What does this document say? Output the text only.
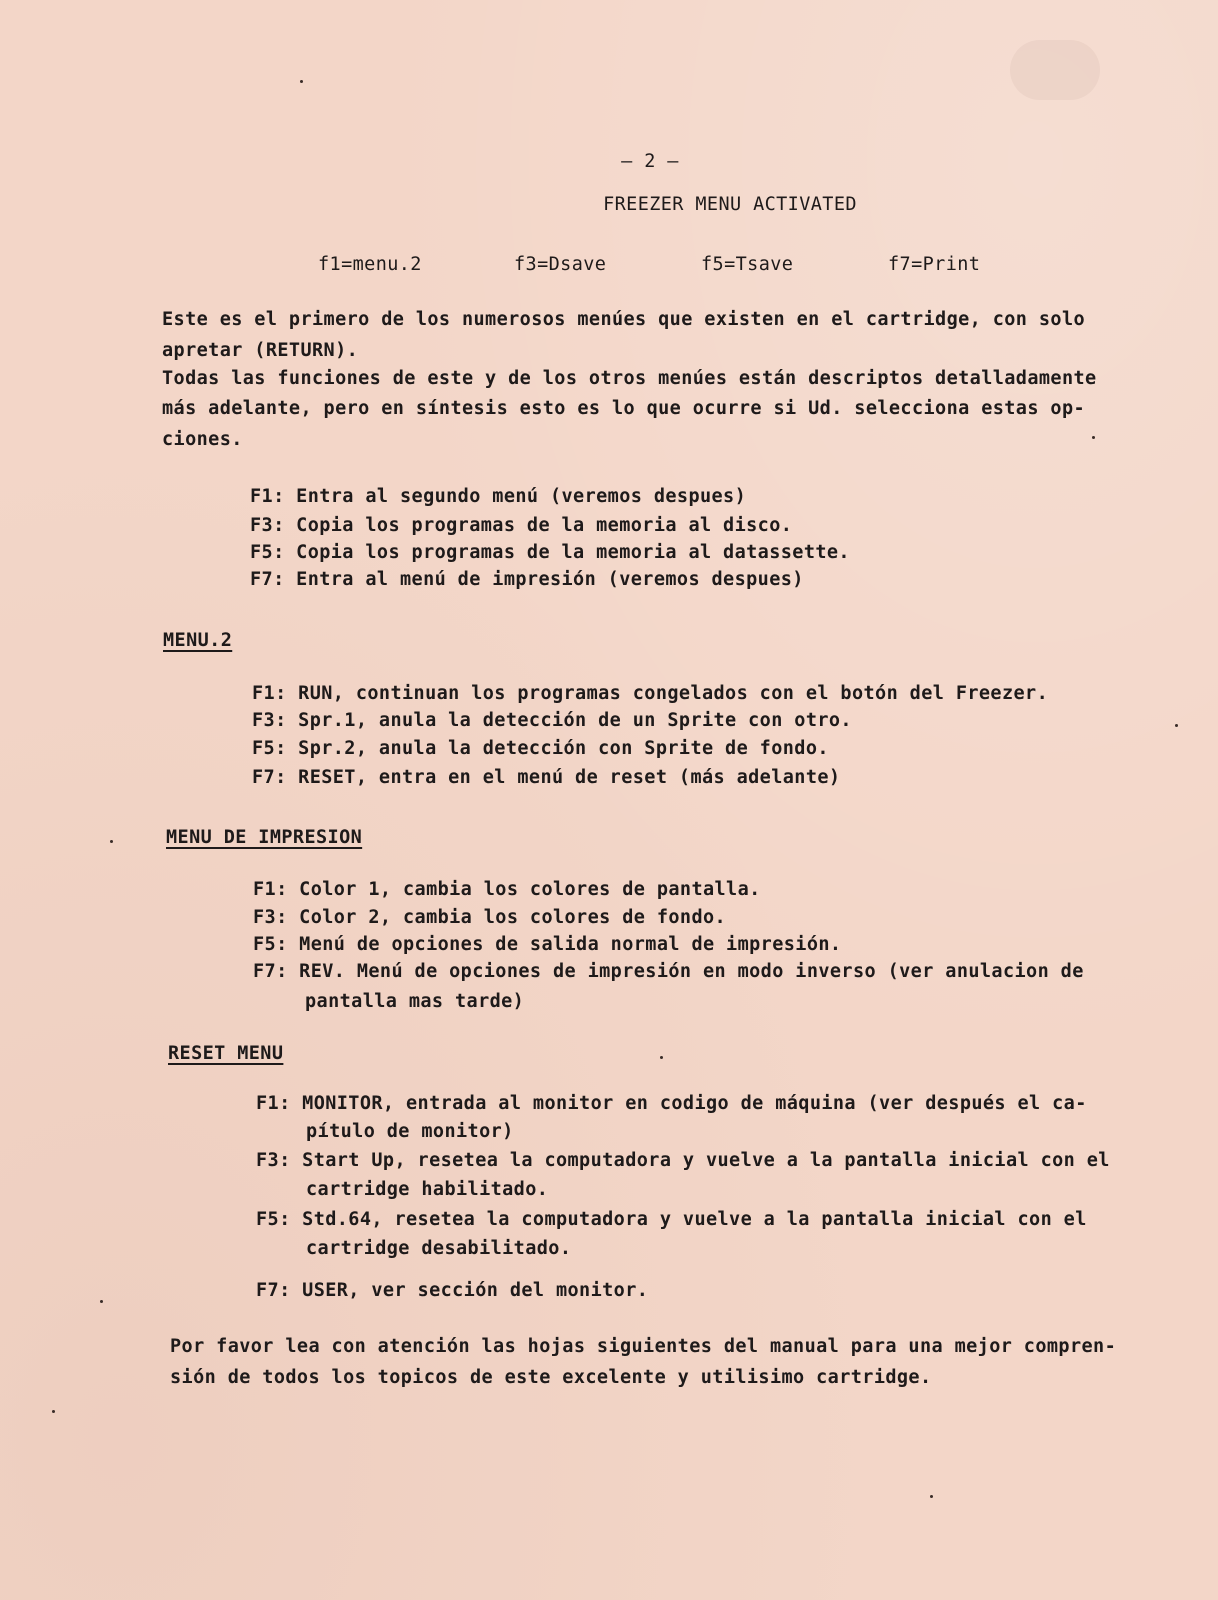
– 2 –
FREEZER MENU ACTIVATED
f1=menu.2	f3=Dsave	f5=Tsave	f7=Print
Este es el primero de los numerosos menúes que existen en el cartridge, con solo
apretar (RETURN).
Todas las funciones de este y de los otros menúes están descriptos detalladamente
más adelante, pero en síntesis esto es lo que ocurre si Ud. selecciona estas op-
ciones.
F1: Entra al segundo menú (veremos despues)
F3: Copia los programas de la memoria al disco.
F5: Copia los programas de la memoria al datassette.
F7: Entra al menú de impresión (veremos despues)
MENU.2
F1: RUN, continuan los programas congelados con el botón del Freezer.
F3: Spr.1, anula la detección de un Sprite con otro.
F5: Spr.2, anula la detección con Sprite de fondo.
F7: RESET, entra en el menú de reset (más adelante)
MENU DE IMPRESION
F1: Color 1, cambia los colores de pantalla.
F3: Color 2, cambia los colores de fondo.
F5: Menú de opciones de salida normal de impresión.
F7: REV. Menú de opciones de impresión en modo inverso (ver anulacion de
pantalla mas tarde)
RESET MENU
F1: MONITOR, entrada al monitor en codigo de máquina (ver después el ca-
pítulo de monitor)
F3: Start Up, resetea la computadora y vuelve a la pantalla inicial con el
cartridge habilitado.
F5: Std.64, resetea la computadora y vuelve a la pantalla inicial con el
cartridge desabilitado.
F7: USER, ver sección del monitor.
Por favor lea con atención las hojas siguientes del manual para una mejor compren-
sión de todos los topicos de este excelente y utilisimo cartridge.
